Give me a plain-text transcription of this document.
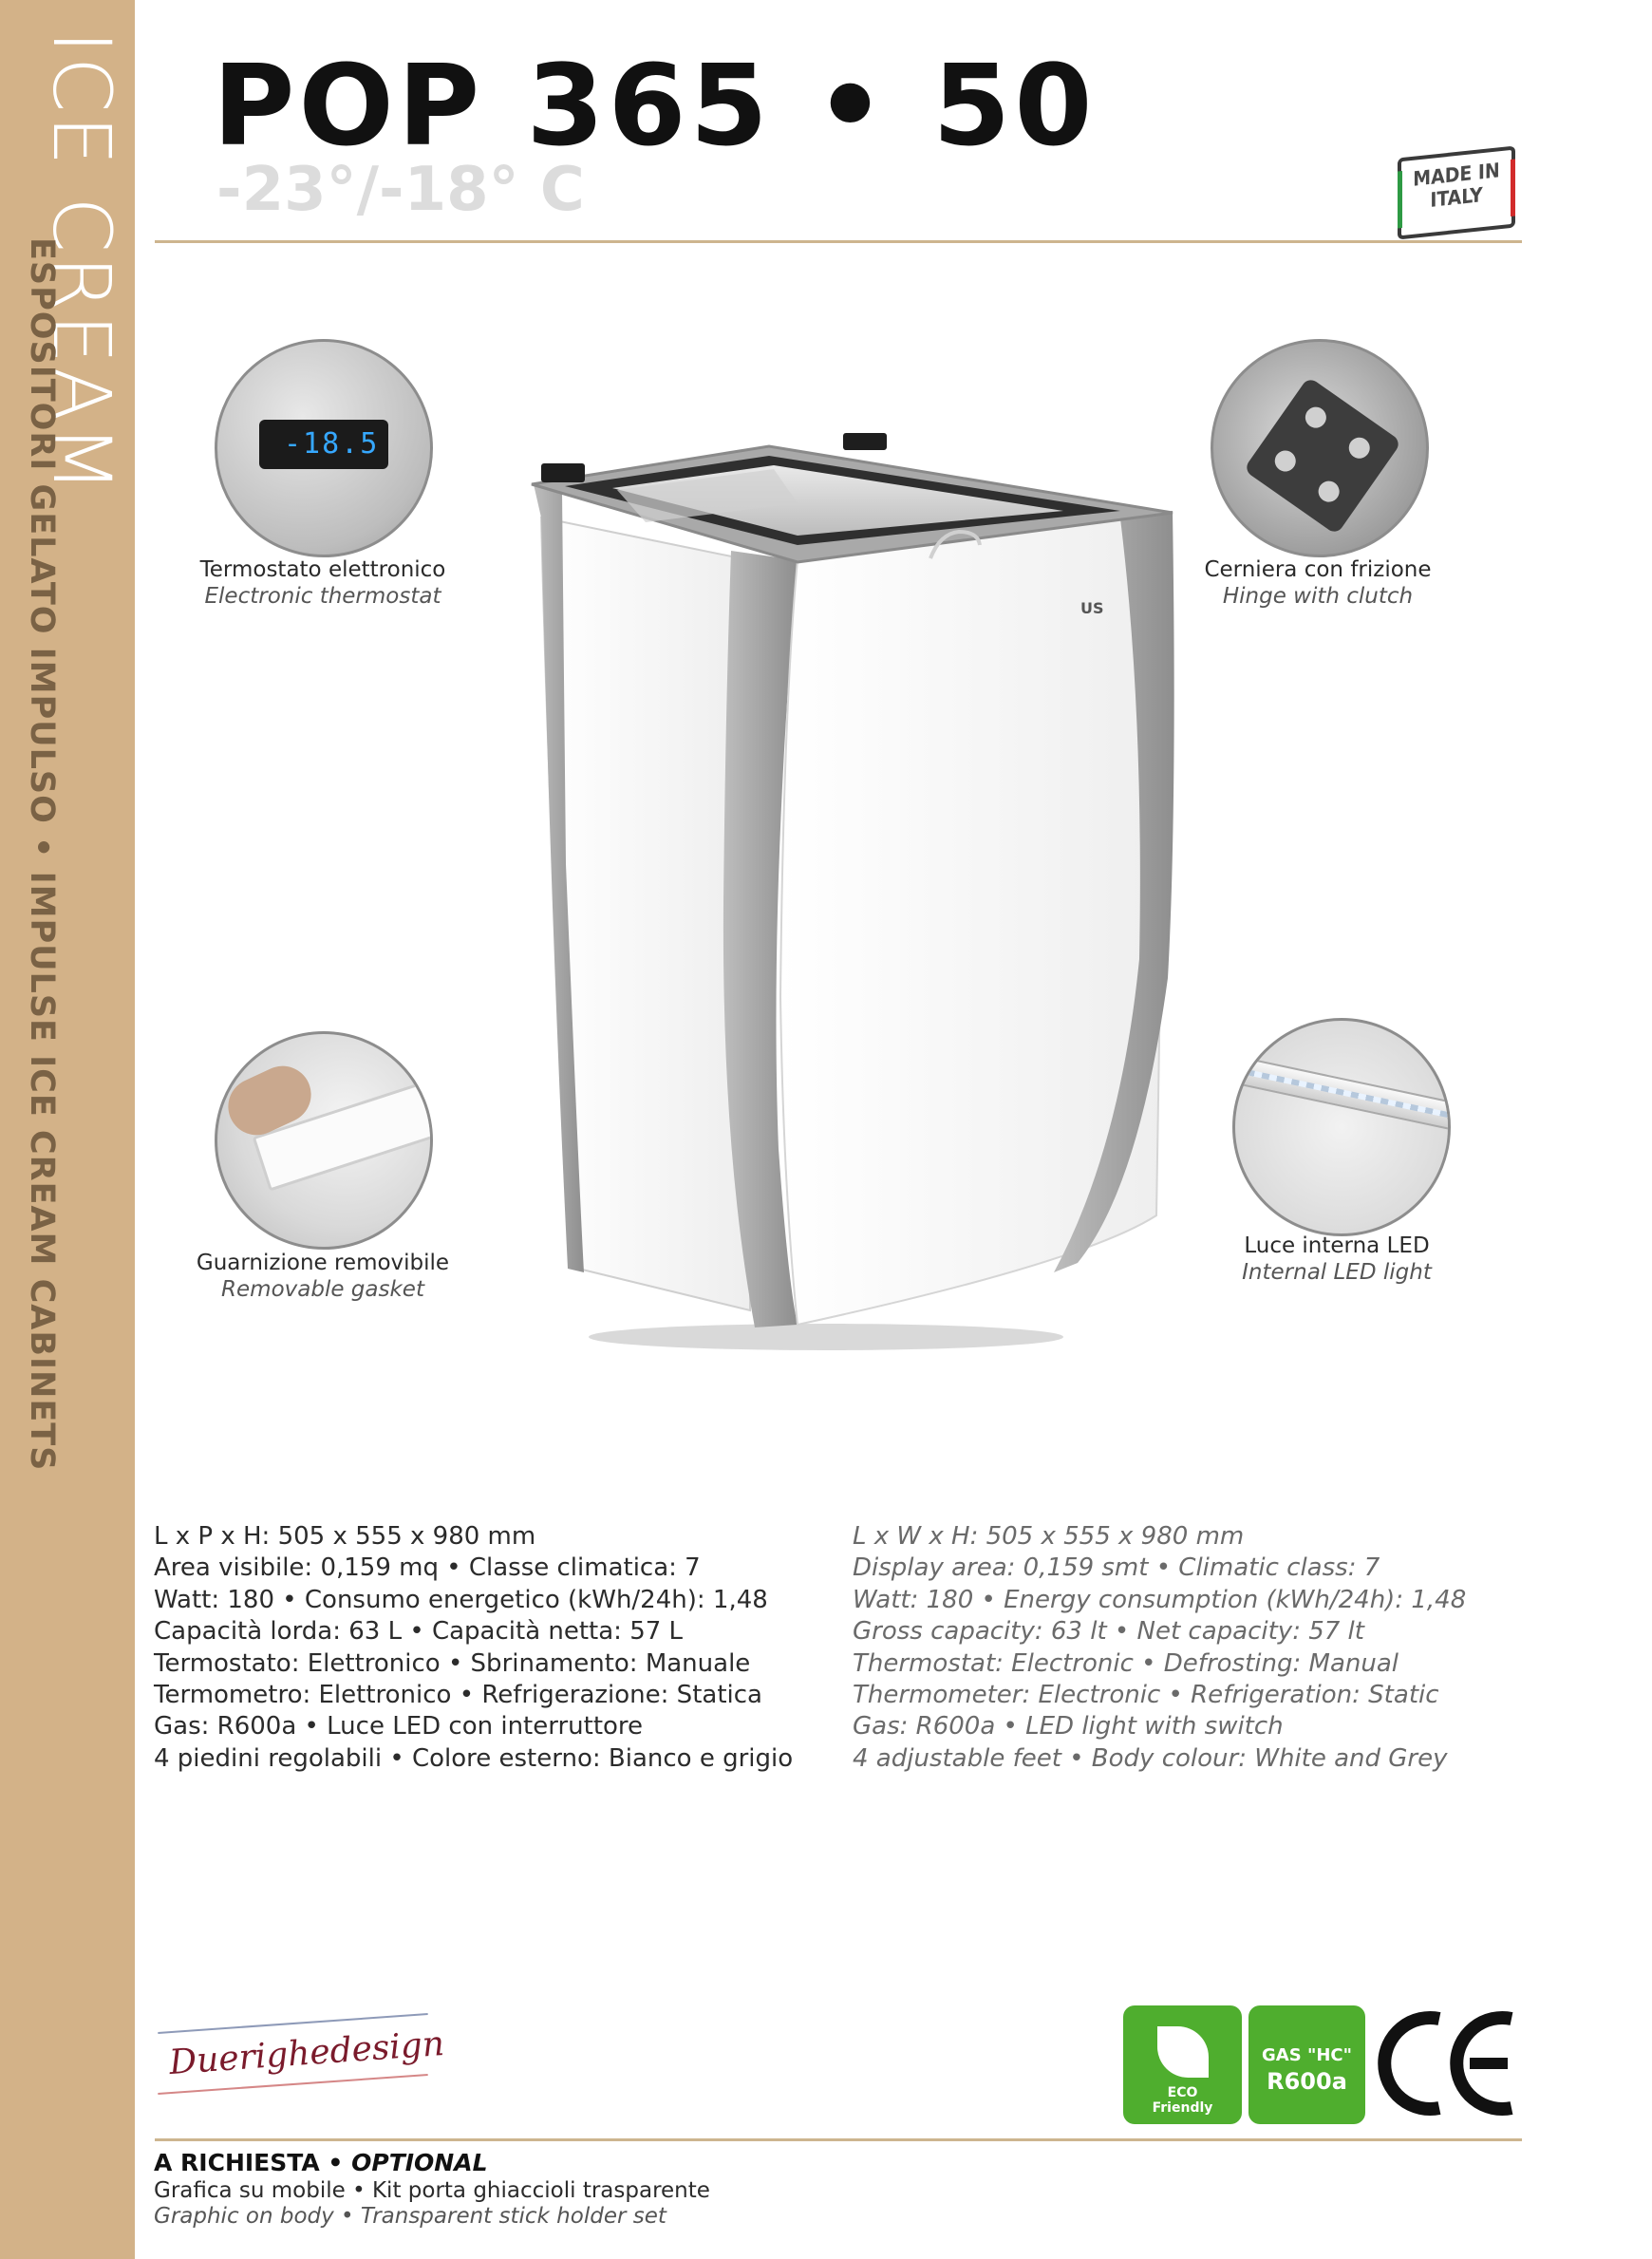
ICE CREAM
ESPOSITORI GELATO IMPULSO • IMPULSE ICE CREAM CABINETS
POP 365 • 50
-23°/-18° C	MADE IN
ITALY
-18.5
Termostato elettronico
Electronic thermostat
Cerniera con frizione
Hinge with clutch
Guarnizione removibile
Removable gasket
Luce interna LED
Internal LED light
US
L x P x H: 505 x 555 x 980 mm
Area visibile: 0,159 mq • Classe climatica: 7
Watt: 180 • Consumo energetico (kWh/24h): 1,48
Capacità lorda: 63 L • Capacità netta: 57 L
Termostato: Elettronico • Sbrinamento: Manuale
Termometro: Elettronico • Refrigerazione: Statica
Gas: R600a • Luce LED con interruttore
4 piedini regolabili • Colore esterno: Bianco e grigio
L x W x H: 505 x 555 x 980 mm
Display area: 0,159 smt • Climatic class: 7
Watt: 180 • Energy consumption (kWh/24h): 1,48
Gross capacity: 63 lt • Net capacity: 57 lt
Thermostat: Electronic • Defrosting: Manual
Thermometer: Electronic • Refrigeration: Static
Gas: R600a • LED light with switch
4 adjustable feet • Body colour: White and Grey
Duerighedesign
ECO
Friendly
GAS "HC"
R600a
A RICHIESTA • OPTIONAL
Grafica su mobile • Kit porta ghiaccioli trasparente
Graphic on body • Transparent stick holder set
